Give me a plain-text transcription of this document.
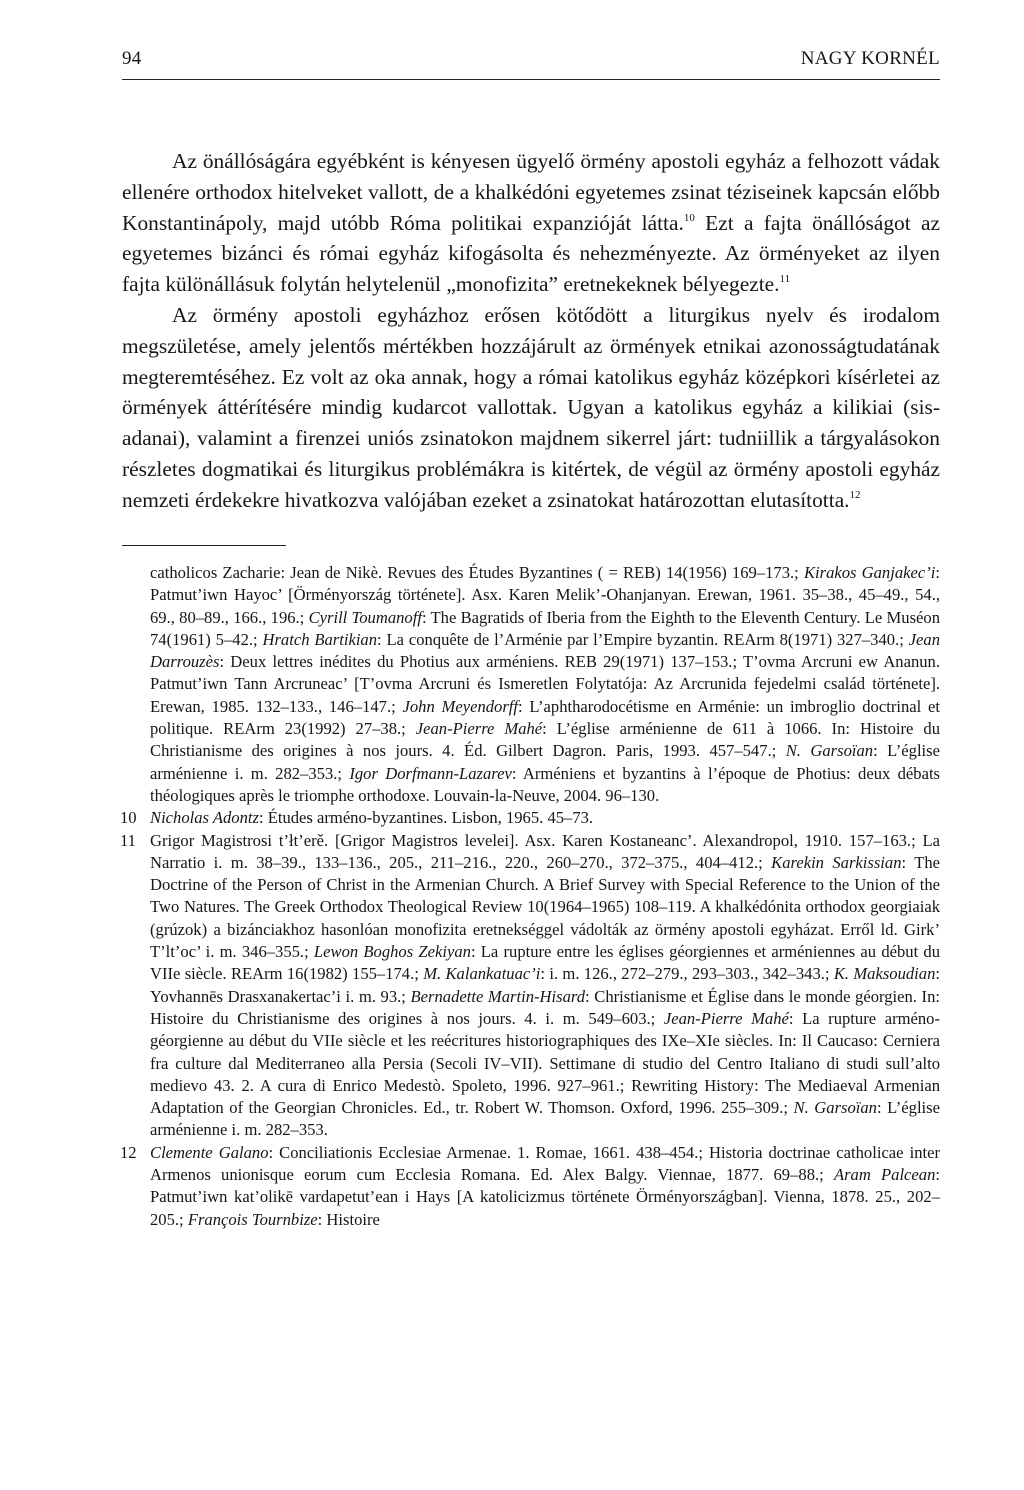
94	NAGY KORNÉL

Az önállóságára egyébként is kényesen ügyelő örmény apostoli egyház a felhozott vádak ellenére orthodox hitelveket vallott, de a khalkédóni egyetemes zsinat téziseinek kapcsán előbb Konstantinápoly, majd utóbb Róma politikai expanzióját látta.$^{10}$ Ezt a fajta önállóságot az egyetemes bizánci és római egyház kifogásolta és nehezményezte. Az örményeket az ilyen fajta különállásuk folytán helytelenül „monofizita” eretnekeknek bélyegezte.$^{11}$

Az örmény apostoli egyházhoz erősen kötődött a liturgikus nyelv és irodalom megszületése, amely jelentős mértékben hozzájárult az örmények etnikai azonosságtudatának megteremtéséhez. Ez volt az oka annak, hogy a római katolikus egyház középkori kísérletei az örmények áttérítésére mindig kudarcot vallottak. Ugyan a katolikus egyház a kilikiai (sis-adanai), valamint a firenzei uniós zsinatokon majdnem sikerrel járt: tudniillik a tárgyalásokon részletes dogmatikai és liturgikus problémákra is kitértek, de végül az örmény apostoli egyház nemzeti érdekekre hivatkozva valójában ezeket a zsinatokat határozottan elutasította.$^{12}$

catholicos Zacharie: Jean de Nikè. Revues des Études Byzantines ( = REB) 14(1956) 169–173.; Kirakos Ganjakec’i: Patmut’iwn Hayoc’ [Örményország története]. Asx. Karen Melik’-Ohanjanyan. Erewan, 1961. 35–38., 45–49., 54., 69., 80–89., 166., 196.; Cyrill Toumanoff: The Bagratids of Iberia from the Eighth to the Eleventh Century. Le Muséon 74(1961) 5–42.; Hratch Bartikian: La conquête de l’Arménie par l’Empire byzantin. REArm 8(1971) 327–340.; Jean Darrouzès: Deux lettres inédites du Photius aux arméniens. REB 29(1971) 137–153.; T’ovma Arcruni ew Ananun. Patmut’iwn Tann Arcruneac’ [T’ovma Arcruni és Ismeretlen Folytatója: Az Arcrunida fejedelmi család története]. Erewan, 1985. 132–133., 146–147.; John Meyendorff: L’aphtharodocétisme en Arménie: un imbroglio doctrinal et politique. REArm 23(1992) 27–38.; Jean-Pierre Mahé: L’église arménienne de 611 à 1066. In: Histoire du Christianisme des origines à nos jours. 4. Éd. Gilbert Dagron. Paris, 1993. 457–547.; N. Garsoïan: L’église arménienne i. m. 282–353.; Igor Dorfmann-Lazarev: Arméniens et byzantins à l’époque de Photius: deux débats théologiques après le triomphe orthodoxe. Louvain-la-Neuve, 2004. 96–130.
10 Nicholas Adontz: Études arméno-byzantines. Lisbon, 1965. 45–73.
11 Grigor Magistrosi t’łt’erě. [Grigor Magistros levelei]. Asx. Karen Kostaneanc’. Alexandropol, 1910. 157–163.; La Narratio i. m. 38–39., 133–136., 205., 211–216., 220., 260–270., 372–375., 404–412.; Karekin Sarkissian: The Doctrine of the Person of Christ in the Armenian Church. A Brief Survey with Special Reference to the Union of the Two Natures. The Greek Orthodox Theological Review 10(1964–1965) 108–119. A khalkédónita orthodox georgiaiak (grúzok) a bizánciakhoz hasonlóan monofizita eretnekséggel vádolták az örmény apostoli egyházat. Erről ld. Girk’ T’lt’oc’ i. m. 346–355.; Lewon Boghos Zekiyan: La rupture entre les églises géorgiennes et arméniennes au début du VIIe siècle. REArm 16(1982) 155–174.; M. Kalankatuac’i: i. m. 126., 272–279., 293–303., 342–343.; K. Maksoudian: Yovhannēs Drasxanakertac’i i. m. 93.; Bernadette Martin-Hisard: Christianisme et Église dans le monde géorgien. In: Histoire du Christianisme des origines à nos jours. 4. i. m. 549–603.; Jean-Pierre Mahé: La rupture arméno-géorgienne au début du VIIe siècle et les reécritures historiographiques des IXe–XIe siècles. In: Il Caucaso: Cerniera fra culture dal Mediterraneo alla Persia (Secoli IV–VII). Settimane di studio del Centro Italiano di studi sull’alto medievo 43. 2. A cura di Enrico Medestò. Spoleto, 1996. 927–961.; Rewriting History: The Mediaeval Armenian Adaptation of the Georgian Chronicles. Ed., tr. Robert W. Thomson. Oxford, 1996. 255–309.; N. Garsoïan: L’église arménienne i. m. 282–353.
12 Clemente Galano: Conciliationis Ecclesiae Armenae. 1. Romae, 1661. 438–454.; Historia doctrinae catholicae inter Armenos unionisque eorum cum Ecclesia Romana. Ed. Alex Balgy. Viennae, 1877. 69–88.; Aram Palcean: Patmut’iwn kat’olikē vardapetut’ean i Hays [A katolicizmus története Örményországban]. Vienna, 1878. 25., 202–205.; François Tournbize: Histoire
